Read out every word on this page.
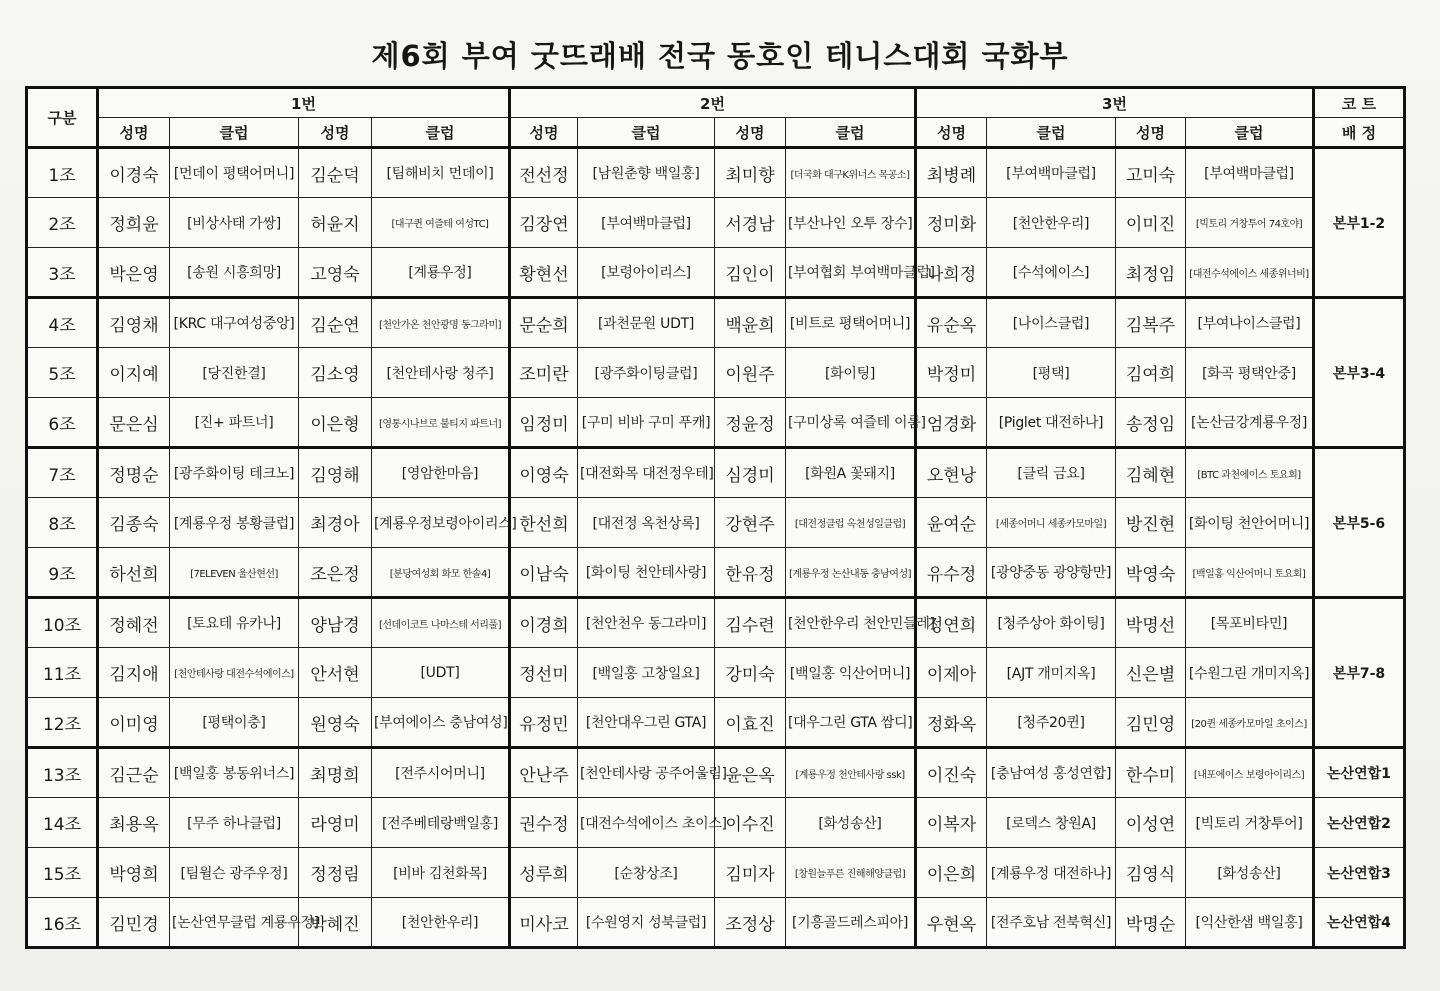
제6회 부여 굿뜨래배 전국 동호인 테니스대회 국화부
구분	1번				2번				3번				코 트
	성명	클럽	성명	클럽	성명	클럽	성명	클럽	성명	클럽	성명	클럽	배 정
1조	이경숙	[먼데이 평택어머니]	김순덕	[팀해비치 먼데이]	전선정	[남원춘향 백일홍]	최미향	[더국화 대구K위너스 목공소]	최병례	[부여백마클럽]	고미숙	[부여백마클럽]	본부1-2
2조	정희윤	[비상사태 가쌍]	허윤지	[대구퀸 여즐테 여성TC]	김장연	[부여백마클럽]	서경남	[부산나인 오투 장수]	정미화	[천안한우리]	이미진	[빅토리 거창투어 74호야]	
3조	박은영	[송원 시흥희망]	고영숙	[계룡우정]	황현선	[보령아이리스]	김인이	[부여협회 부여백마클럽]	나희정	[수석에이스]	최정임	[대전수석에이스 세종위너비]	
4조	김영채	[KRC 대구여성중앙]	김순연	[천안가온 천안광명 동그라미]	문순희	[과천문원 UDT]	백윤희	[비트로 평택어머니]	유순옥	[나이스클럽]	김복주	[부여나이스클럽]	본부3-4
5조	이지예	[당진한결]	김소영	[천안테사랑 청주]	조미란	[광주화이팅클럽]	이원주	[화이팅]	박정미	[평택]	김여희	[화곡 평택안중]	
6조	문은심	[진+ 파트너]	이은형	[영통시나브로 불티지 파트너]	임정미	[구미 비바 구미 푸캐]	정윤정	[구미상록 여즐테 이룸]	엄경화	[Piglet 대전하나]	송정임	[논산금강계룡우정]	
7조	정명순	[광주화이팅 테크노]	김영해	[영암한마음]	이영숙	[대전화목 대전정우테]	심경미	[화원A 꽃돼지]	오현낭	[클릭 금요]	김혜현	[BTC 과천에이스 토요회]	본부5-6
8조	김종숙	[계룡우정 봉황클럽]	최경아	[계룡우정보령아이리스]	한선희	[대전정 옥천상록]	강현주	[대전정클럽 옥천성일클럽]	윤여순	[세종어머니 세종카모마일]	방진현	[화이팅 천안어머니]	
9조	하선희	[7ELEVEN 울산현선]	조은정	[분당여성회 화모 한솔4]	이남숙	[화이팅 천안테사랑]	한유정	[계룡우정 논산내동 충남여성]	유수정	[광양중동 광양항만]	박영숙	[백일홍 익산어머니 토요회]	
10조	정혜전	[토요테 유카나]	양남경	[선데이코트 나마스테 서리풀]	이경희	[천안천우 동그라미]	김수련	[천안한우리 천안민들레]	정연희	[청주상아 화이팅]	박명선	[목포비타민]	본부7-8
11조	김지애	[천안테사랑 대전수석에이스]	안서현	[UDT]	정선미	[백일홍 고창일요]	강미숙	[백일홍 익산어머니]	이제아	[AJT 개미지옥]	신은별	[수원그린 개미지옥]	
12조	이미영	[평택이충]	원영숙	[부여에이스 충남여성]	유정민	[천안대우그린 GTA]	이효진	[대우그린 GTA 쌈디]	정화옥	[청주20퀸]	김민영	[20퀸 세종카모마일 초이스]	
13조	김근순	[백일홍 봉동위너스]	최명희	[전주시어머니]	안난주	[천안테사랑 공주어울림]	윤은옥	[계룡우정 천안테사랑 ssk]	이진숙	[충남여성 홍성연합]	한수미	[내포에이스 보령아이리스]	논산연합1
14조	최용옥	[무주 하나클럽]	라영미	[전주베테랑백일홍]	권수정	[대전수석에이스 초이스]	이수진	[화성송산]	이복자	[로덱스 창원A]	이성연	[빅토리 거창투어]	논산연합2
15조	박영희	[팀윌슨 광주우정]	정정림	[비바 김천화목]	성루희	[순창상조]	김미자	[창원늘푸른 진해해양클럽]	이은희	[계룡우정 대전하나]	김영식	[화성송산]	논산연합3
16조	김민경	[논산연무클럽 계룡우정]	박혜진	[천안한우리]	미사코	[수원영지 성북클럽]	조정상	[기흥골드레스피아]	우현옥	[전주호남 전북혁신]	박명순	[익산한샘 백일홍]	논산연합4
